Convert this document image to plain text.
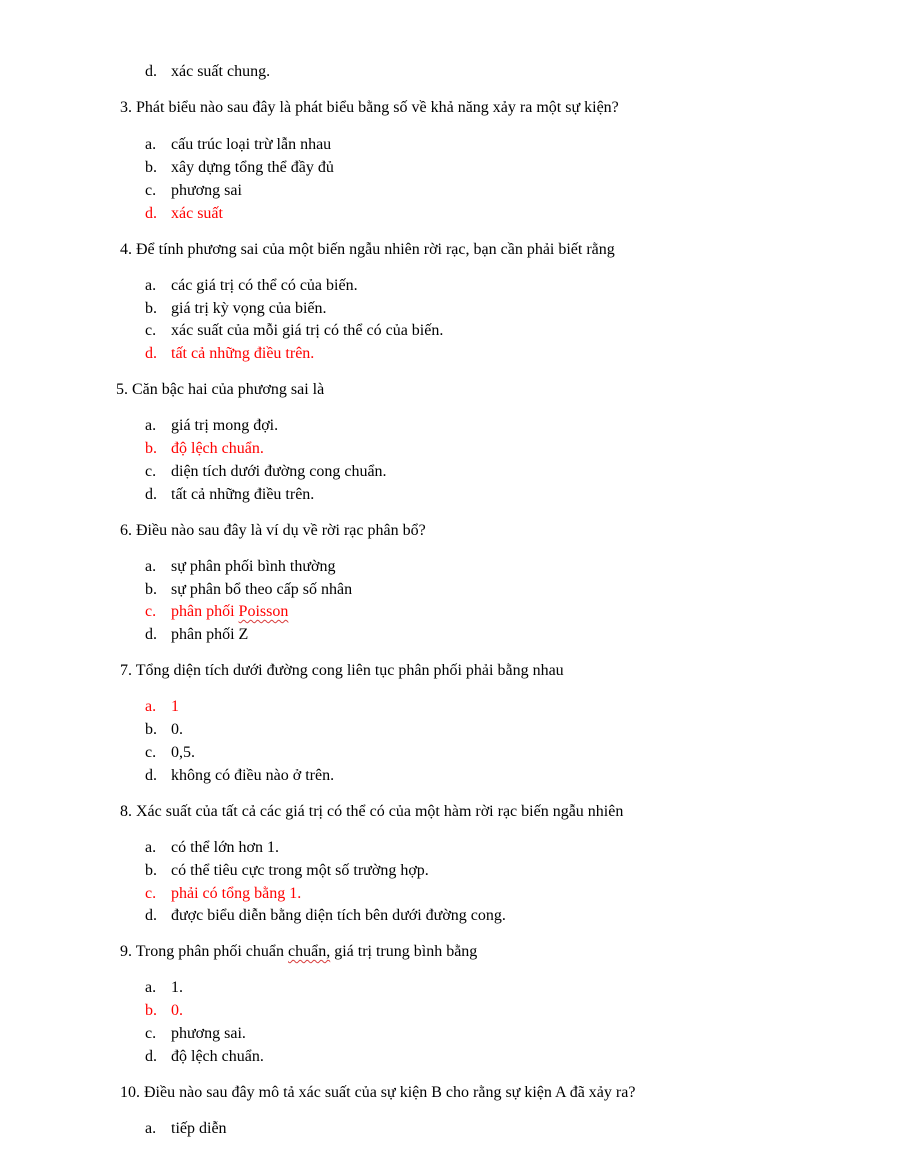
d. xác suất chung.
3. Phát biểu nào sau đây là phát biểu bằng số về khả năng xảy ra một sự kiện?
a. cấu trúc loại trừ lẫn nhau
b. xây dựng tổng thể đầy đủ
c. phương sai
d. xác suất
4. Để tính phương sai của một biến ngẫu nhiên rời rạc, bạn cần phải biết rằng
a. các giá trị có thể có của biến.
b. giá trị kỳ vọng của biến.
c. xác suất của mỗi giá trị có thể có của biến.
d. tất cả những điều trên.
5. Căn bậc hai của phương sai là
a. giá trị mong đợi.
b. độ lệch chuẩn.
c. diện tích dưới đường cong chuẩn.
d. tất cả những điều trên.
6. Điều nào sau đây là ví dụ về rời rạc phân bổ?
a. sự phân phối bình thường
b. sự phân bổ theo cấp số nhân
c. phân phối Poisson
d. phân phối Z
7. Tổng diện tích dưới đường cong liên tục phân phối phải bằng nhau
a. 1
b. 0.
c. 0,5.
d. không có điều nào ở trên.
8. Xác suất của tất cả các giá trị có thể có của một hàm rời rạc biến ngẫu nhiên
a. có thể lớn hơn 1.
b. có thể tiêu cực trong một số trường hợp.
c. phải có tổng bằng 1.
d. được biểu diễn bằng diện tích bên dưới đường cong.
9. Trong phân phối chuẩn chuẩn, giá trị trung bình bằng
a. 1.
b. 0.
c. phương sai.
d. độ lệch chuẩn.
10. Điều nào sau đây mô tả xác suất của sự kiện B cho rằng sự kiện A đã xảy ra?
a. tiếp diễn
